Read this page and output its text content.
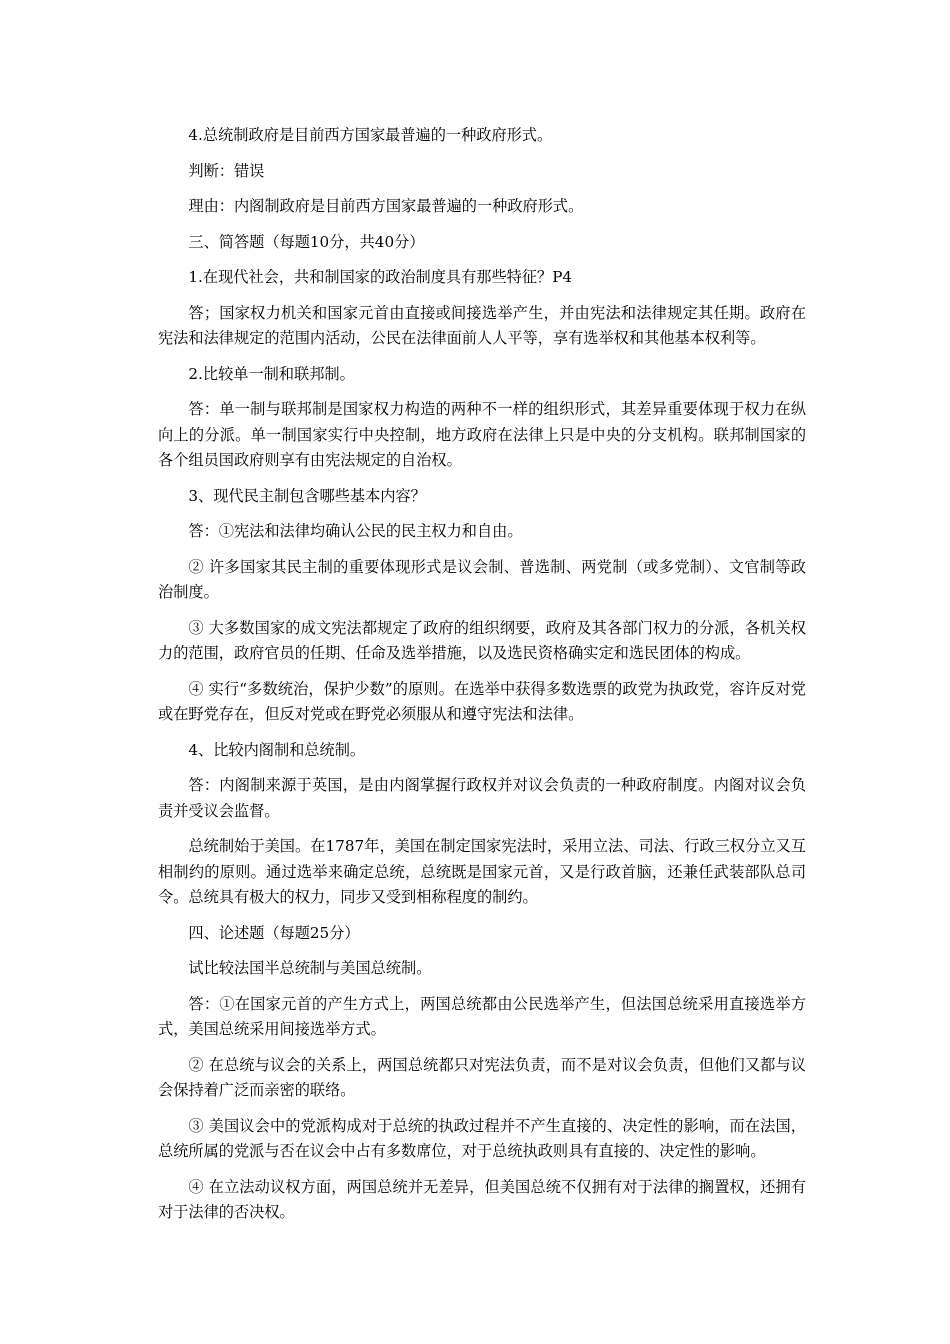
4.总统制政府是目前西方国家最普遍的一种政府形式。

判断：错误

理由：内阁制政府是目前西方国家最普遍的一种政府形式。

三、简答题（每题10分，共40分）

1.在现代社会，共和制国家的政治制度具有那些特征？P4

答；国家权力机关和国家元首由直接或间接选举产生，并由宪法和法律规定其任期。政府在宪法和法律规定的范围内活动，公民在法律面前人人平等，享有选举权和其他基本权利等。

2.比较单一制和联邦制。

答：单一制与联邦制是国家权力构造的两种不一样的组织形式，其差异重要体现于权力在纵向上的分派。单一制国家实行中央控制，地方政府在法律上只是中央的分支机构。联邦制国家的各个组员国政府则享有由宪法规定的自治权。

3、现代民主制包含哪些基本内容？

答：①宪法和法律均确认公民的民主权力和自由。

② 许多国家其民主制的重要体现形式是议会制、普选制、两党制（或多党制）、文官制等政治制度。

③ 大多数国家的成文宪法都规定了政府的组织纲要，政府及其各部门权力的分派，各机关权力的范围，政府官员的任期、任命及选举措施，以及选民资格确实定和选民团体的构成。

④ 实行“多数统治，保护少数”的原则。在选举中获得多数选票的政党为执政党，容许反对党或在野党存在，但反对党或在野党必须服从和遵守宪法和法律。

4、比较内阁制和总统制。

答：内阁制来源于英国，是由内阁掌握行政权并对议会负责的一种政府制度。内阁对议会负责并受议会监督。

总统制始于美国。在1787年，美国在制定国家宪法时，采用立法、司法、行政三权分立又互相制约的原则。通过选举来确定总统，总统既是国家元首，又是行政首脑，还兼任武装部队总司令。总统具有极大的权力，同步又受到相称程度的制约。

四、论述题（每题25分）

试比较法国半总统制与美国总统制。

答：①在国家元首的产生方式上，两国总统都由公民选举产生，但法国总统采用直接选举方式，美国总统采用间接选举方式。

② 在总统与议会的关系上，两国总统都只对宪法负责，而不是对议会负责，但他们又都与议会保持着广泛而亲密的联络。

③ 美国议会中的党派构成对于总统的执政过程并不产生直接的、决定性的影响，而在法国，总统所属的党派与否在议会中占有多数席位，对于总统执政则具有直接的、决定性的影响。

④ 在立法动议权方面，两国总统并无差异，但美国总统不仅拥有对于法律的搁置权，还拥有对于法律的否决权。
